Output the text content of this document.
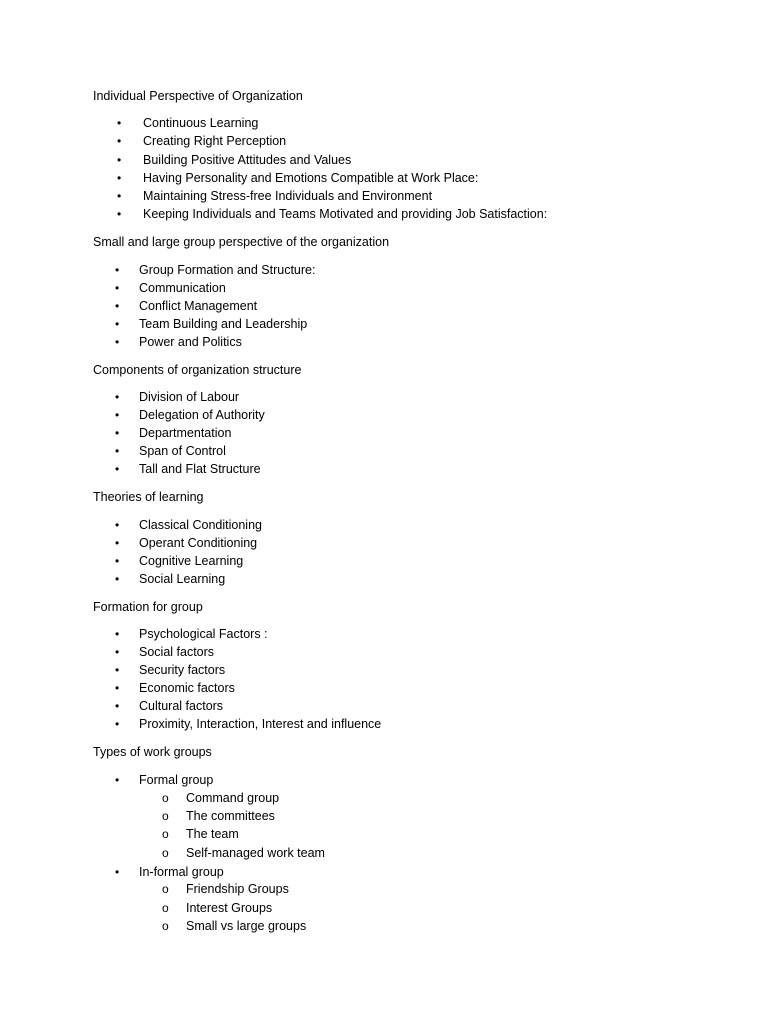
Individual Perspective of Organization
• Continuous Learning
• Creating Right Perception
• Building Positive Attitudes and Values
• Having Personality and Emotions Compatible at Work Place:
• Maintaining Stress-free Individuals and Environment
• Keeping Individuals and Teams Motivated and providing Job Satisfaction:
Small and large group perspective of the organization
• Group Formation and Structure:
• Communication
• Conflict Management
• Team Building and Leadership
• Power and Politics
Components of organization structure
• Division of Labour
• Delegation of Authority
• Departmentation
• Span of Control
• Tall and Flat Structure
Theories of learning
• Classical Conditioning
• Operant Conditioning
• Cognitive Learning
• Social Learning
Formation for group
• Psychological Factors :
• Social factors
• Security factors
• Economic factors
• Cultural factors
• Proximity, Interaction, Interest and influence
Types of work groups
• Formal group
o Command group
o The committees
o The team
o Self-managed work team
• In-formal group
o Friendship Groups
o Interest Groups
o Small vs large groups
